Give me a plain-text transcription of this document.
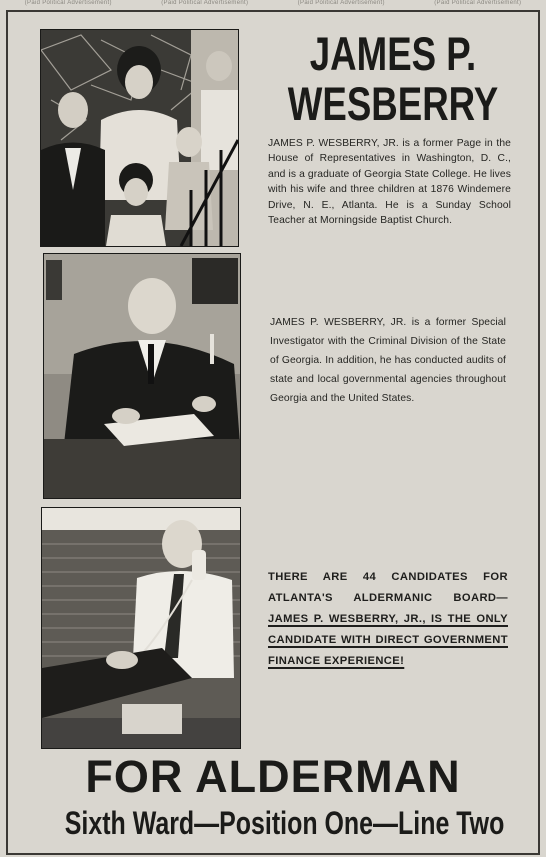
(Paid Political Advertisement)	(Paid Political Advertisement)	(Paid Political Advertisement)	(Paid Political Advertisement)
JAMES P.
WESBERRY
JAMES P. WESBERRY, JR. is a former Page in the House of Representatives in Washington, D. C., and is a graduate of Georgia State College. He lives with his wife and three children at 1876 Windemere Drive, N. E., Atlanta. He is a Sunday School Teacher at Morningside Baptist Church.
JAMES P. WESBERRY, JR. is a former Special Investigator with the Criminal Division of the State of Georgia. In addition, he has conducted audits of state and local governmental agencies throughout Georgia and the United States.
THERE ARE 44 CANDIDATES FOR ATLANTA'S ALDERMANIC BOARD—JAMES P. WESBERRY, JR., IS THE ONLY CANDIDATE WITH DIRECT GOVERNMENT FINANCE EXPERIENCE!
FOR ALDERMAN
Sixth Ward—Position One—Line Two
